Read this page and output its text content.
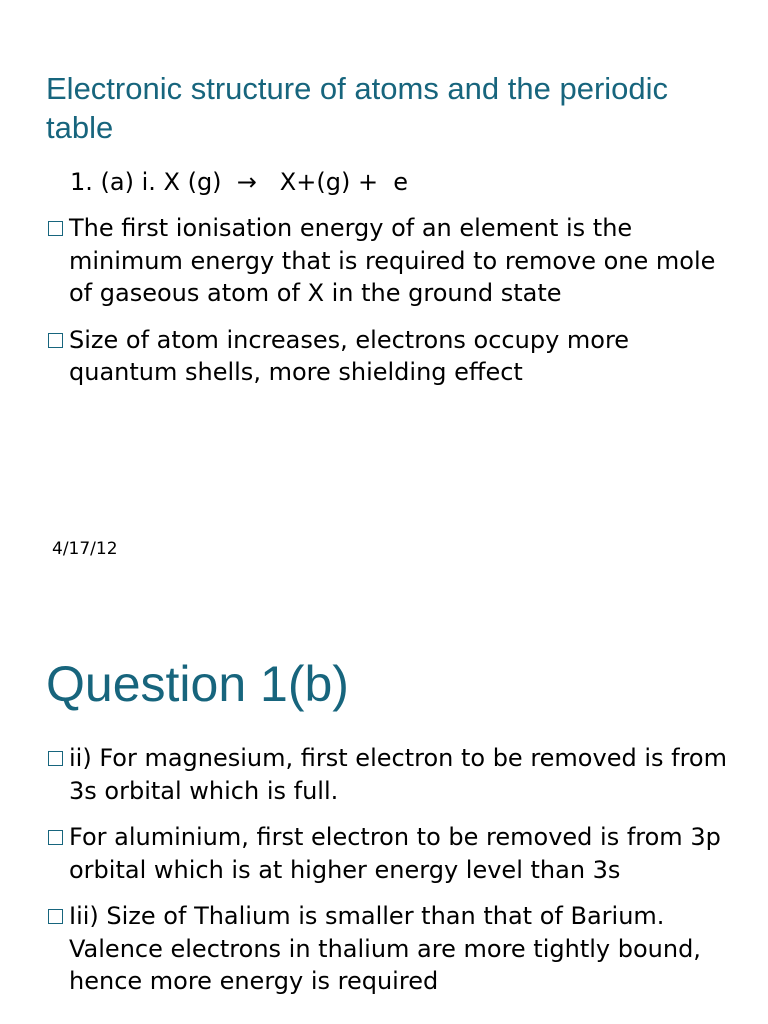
Electronic structure of atoms and the periodic table

1. (a) i. X (g)  →   X+(g) +  e

The first ionisation energy of an element is the minimum energy that is required to remove one mole of gaseous atom of X in the ground state
Size of atom increases, electrons occupy more quantum shells, more shielding effect

4/17/12

Question 1(b)
ii) For magnesium, first electron to be removed is from 3s orbital which is full.
For aluminium, first electron to be removed is from 3p orbital which is at higher energy level than 3s
Iii) Size of Thalium is smaller than that of Barium. Valence electrons in thalium are more tightly bound, hence more energy is required
